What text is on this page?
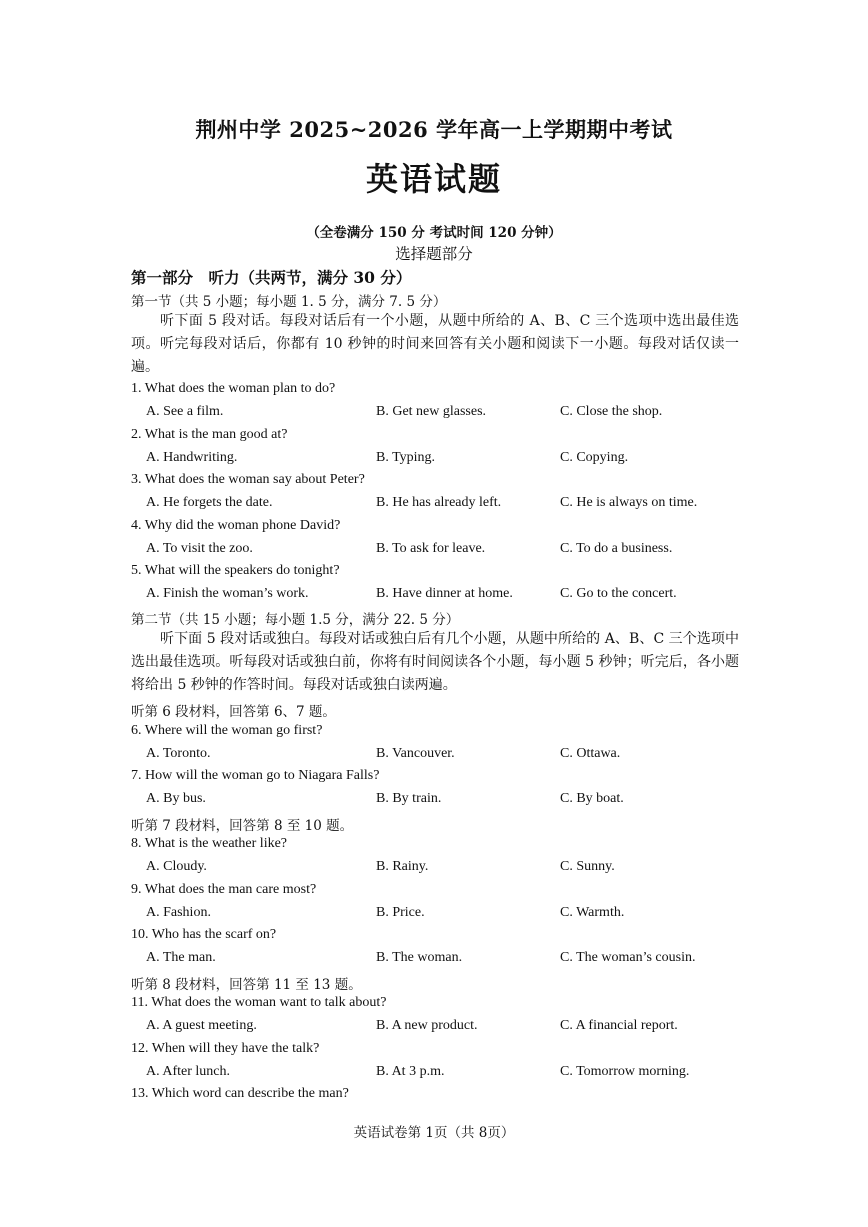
荆州中学 2025~2026 学年高一上学期期中考试
英语试题
（全卷满分 150 分 考试时间 120 分钟）
选择题部分
第一部分　听力（共两节，满分 30 分）
第一节（共 5 小题；每小题 1. 5 分，满分 7. 5 分）
听下面 5 段对话。每段对话后有一个小题，从题中所给的 A、B、C 三个选项中选出最佳选项。听完每段对话后，你都有 10 秒钟的时间来回答有关小题和阅读下一小题。每段对话仅读一遍。
1. What does the woman plan to do?
A. See a film.	B. Get new glasses.	C. Close the shop.
2. What is the man good at?
A. Handwriting.	B. Typing.	C. Copying.
3. What does the woman say about Peter?
A. He forgets the date.	B. He has already left.	C. He is always on time.
4. Why did the woman phone David?
A. To visit the zoo.	B. To ask for leave.	C. To do a business.
5. What will the speakers do tonight?
A. Finish the woman’s work.	B. Have dinner at home.	C. Go to the concert.
第二节（共 15 小题；每小题 1.5 分，满分 22. 5 分）
听下面 5 段对话或独白。每段对话或独白后有几个小题，从题中所给的 A、B、C 三个选项中选出最佳选项。听每段对话或独白前，你将有时间阅读各个小题，每小题 5 秒钟；听完后，各小题将给出 5 秒钟的作答时间。每段对话或独白读两遍。
听第 6 段材料，回答第 6、7 题。
6. Where will the woman go first?
A. Toronto.	B. Vancouver.	C. Ottawa.
7. How will the woman go to Niagara Falls?
A. By bus.	B. By train.	C. By boat.
听第 7 段材料，回答第 8 至 10 题。
8. What is the weather like?
A. Cloudy.	B. Rainy.	C. Sunny.
9. What does the man care most?
A. Fashion.	B. Price.	C. Warmth.
10. Who has the scarf on?
A. The man.	B. The woman.	C. The woman’s cousin.
听第 8 段材料，回答第 11 至 13 题。
11. What does the woman want to talk about?
A. A guest meeting.	B. A new product.	C. A financial report.
12. When will they have the talk?
A. After lunch.	B. At 3 p.m.	C. Tomorrow morning.
13. Which word can describe the man?
英语试卷第 1页（共 8页）
